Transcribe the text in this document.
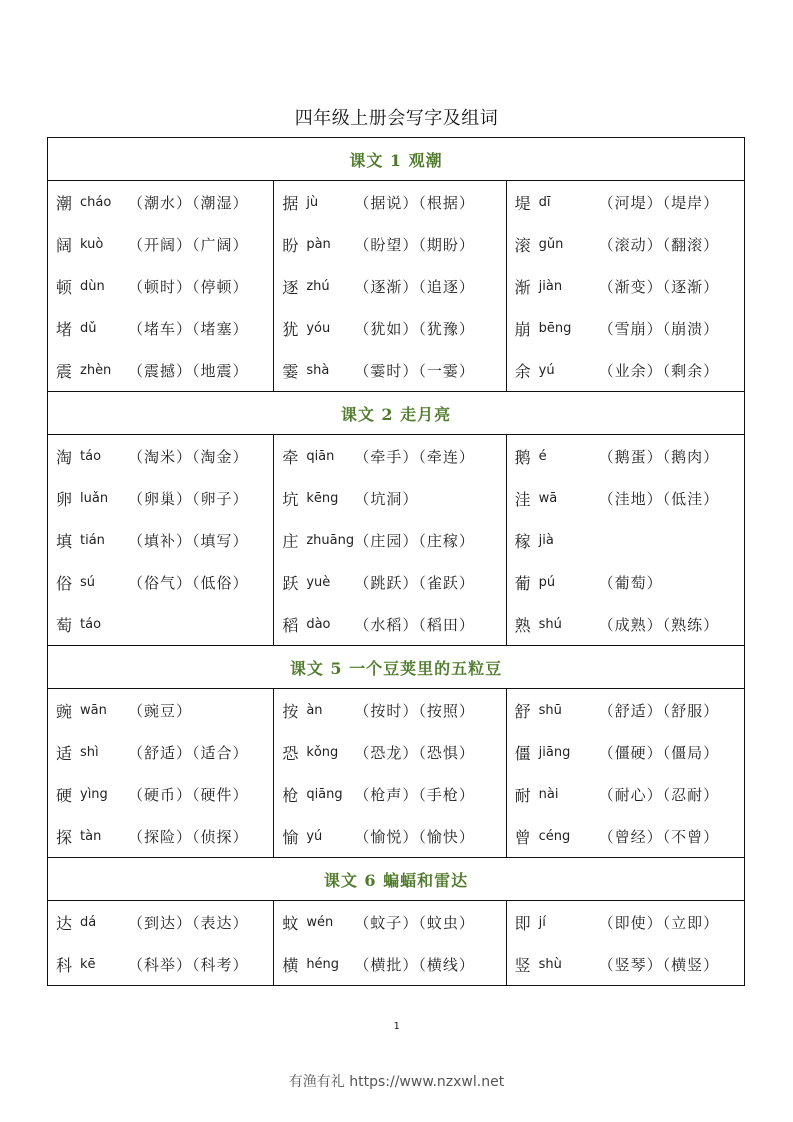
四年级上册会写字及组词
课文 1 观潮		

潮 cháo	（潮水）（潮湿）
阔 kuò	（开阔）（广阔）
顿 dùn	（顿时）（停顿）
堵 dǔ	（堵车）（堵塞）
震 zhèn	（震撼）（地震）

据 jù	（据说）（根据）
盼 pàn	（盼望）（期盼）
逐 zhú	（逐渐）（追逐）
犹 yóu	（犹如）（犹豫）
霎 shà	（霎时）（一霎）

堤 dī	（河堤）（堤岸）
滚 gǔn	（滚动）（翻滚）
渐 jiàn	（渐变）（逐渐）
崩 bēng	（雪崩）（崩溃）
余 yú	（业余）（剩余）

课文 2 走月亮		

淘 táo	（淘米）（淘金）
卵 luǎn	（卵巢）（卵子）
填 tián	（填补）（填写）
俗 sú	（俗气）（低俗）
萄 táo

牵 qiān	（牵手）（牵连）
坑 kēng	（坑洞）
庄 zhuāng （庄园）（庄稼）
跃 yuè	（跳跃）（雀跃）
稻 dào	（水稻）（稻田）

鹅 é	（鹅蛋）（鹅肉）
洼 wā	（洼地）（低洼）
稼 jià
葡 pú	（葡萄）
熟 shú	（成熟）（熟练）

课文 5 一个豆荚里的五粒豆		

豌 wān	（豌豆）
适 shì	（舒适）（适合）
硬 yìng	（硬币）（硬件）
探 tàn	（探险）（侦探）

按 àn	（按时）（按照）
恐 kǒng	（恐龙）（恐惧）
枪 qiāng （枪声）（手枪）
愉 yú	（愉悦）（愉快）

舒 shū	（舒适）（舒服）
僵 jiāng	（僵硬）（僵局）
耐 nài	（耐心）（忍耐）
曾 céng	（曾经）（不曾）

课文 6 蝙蝠和雷达		

达 dá	（到达）（表达）
科 kē	（科举）（科考）

蚊 wén	（蚊子）（蚊虫）
横 héng	（横批）（横线）

即 jí	（即使）（立即）
竖 shù	（竖琴）（横竖）
1
有渔有礼 https://www.nzxwl.net
